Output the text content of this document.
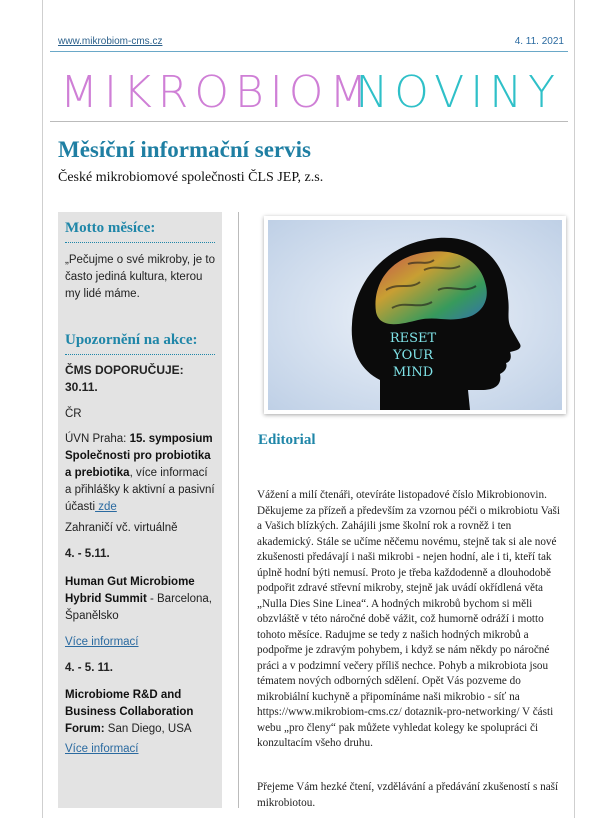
www.mikrobiom-cms.cz	4. 11. 2021
MIKROBIOMNOVINY
Měsíční informační servis
České mikrobiomové společnosti ČLS JEP, z.s.
Motto měsíce:
„Pečujme o své mikroby, je to často jediná kultura, kterou my lidé máme.
Upozornění na akce:
ČMS DOPORUČUJE: 30.11.
ČR
ÚVN Praha: 15. symposium Společnosti pro probiotika a prebiotika, více informací a přihlášky k aktivní a pasivní účasti zde
Zahraničí vč. virtuálně
4. - 5.11.
Human Gut Microbiome Hybrid Summit - Barcelona, Španělsko
Více informací
4. - 5. 11.
Microbiome R&D and Business Collaboration Forum: San Diego, USA
Více informací
RESET
YOUR
MIND
Editorial
Vážení a milí čtenáři, otevíráte listopadové číslo Mikrobionovin. Děkujeme za přízeň a především za vzornou péči o mikrobiotu Vaši a Vašich blízkých. Zahájili jsme školní rok a rovněž i ten akademický. Stále se učíme něčemu novému, stejně tak si ale nové zkušenosti předávají i naši mikrobi - nejen hodní, ale i ti, kteří tak úplně hodní býti nemusí. Proto je třeba každodenně a dlouhodobě podpořit zdravé střevní mikroby, stejně jak uvádí okřídlená věta „Nulla Dies Sine Linea“. A hodných mikrobů bychom si měli obzvláště v této náročné době vážit, což humorně odráží i motto tohoto měsíce. Radujme se tedy z našich hodných mikrobů a podpořme je zdravým pohybem, i když se nám někdy po náročné práci a v podzimní večery příliš nechce. Pohyb a mikrobiota jsou tématem nových odborných sdělení. Opět Vás pozveme do mikrobiální kuchyně a připomínáme naši mikrobio - síť na https://www.mikrobiom-cms.cz/ dotaznik-pro-networking/ V části webu „pro členy“ pak můžete vyhledat kolegy ke spolupráci či konzultacím všeho druhu.
Přejeme Vám hezké čtení, vzdělávání a předávání zkušeností s naší mikrobiotou.
